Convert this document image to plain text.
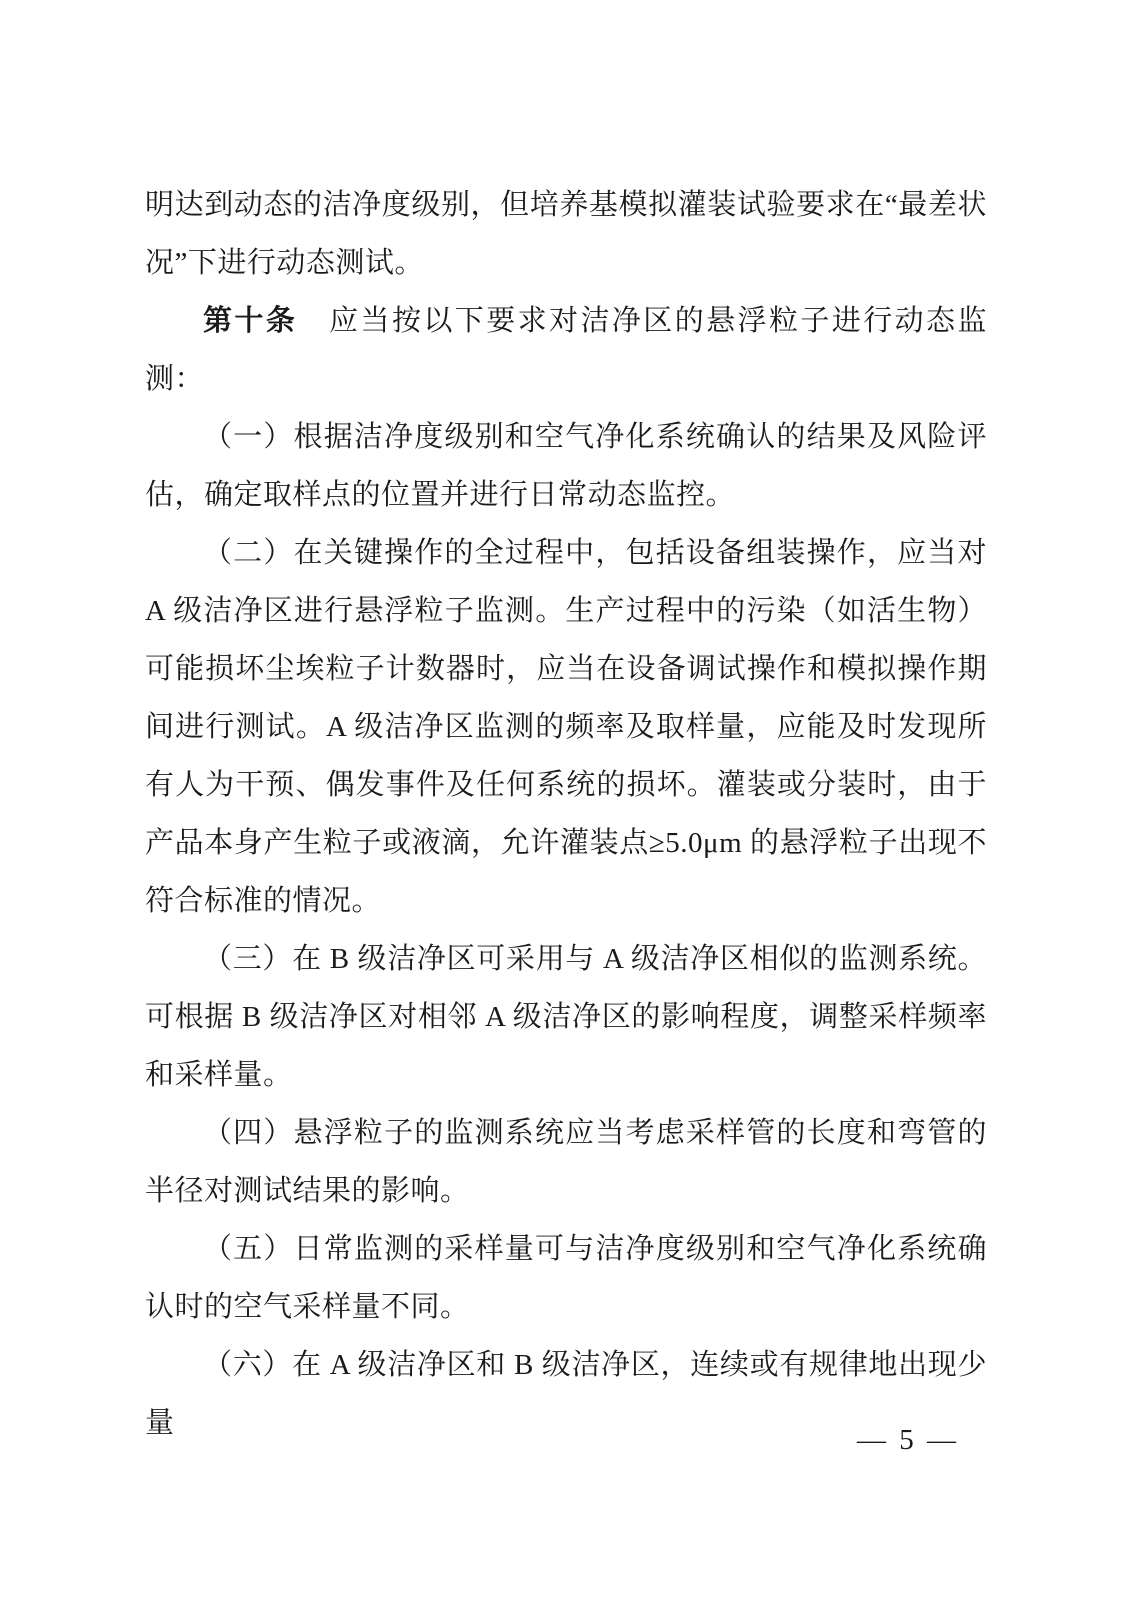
明达到动态的洁净度级别，但培养基模拟灌装试验要求在“最差状况”下进行动态测试。

第十条 应当按以下要求对洁净区的悬浮粒子进行动态监测：

（一）根据洁净度级别和空气净化系统确认的结果及风险评估，确定取样点的位置并进行日常动态监控。

（二）在关键操作的全过程中，包括设备组装操作，应当对 A 级洁净区进行悬浮粒子监测。生产过程中的污染（如活生物）可能损坏尘埃粒子计数器时，应当在设备调试操作和模拟操作期间进行测试。A 级洁净区监测的频率及取样量，应能及时发现所有人为干预、偶发事件及任何系统的损坏。灌装或分装时，由于产品本身产生粒子或液滴，允许灌装点≥5.0μm 的悬浮粒子出现不符合标准的情况。

（三）在 B 级洁净区可采用与 A 级洁净区相似的监测系统。可根据 B 级洁净区对相邻 A 级洁净区的影响程度，调整采样频率和采样量。

（四）悬浮粒子的监测系统应当考虑采样管的长度和弯管的半径对测试结果的影响。

（五）日常监测的采样量可与洁净度级别和空气净化系统确认时的空气采样量不同。

（六）在 A 级洁净区和 B 级洁净区，连续或有规律地出现少量

— 5 —
